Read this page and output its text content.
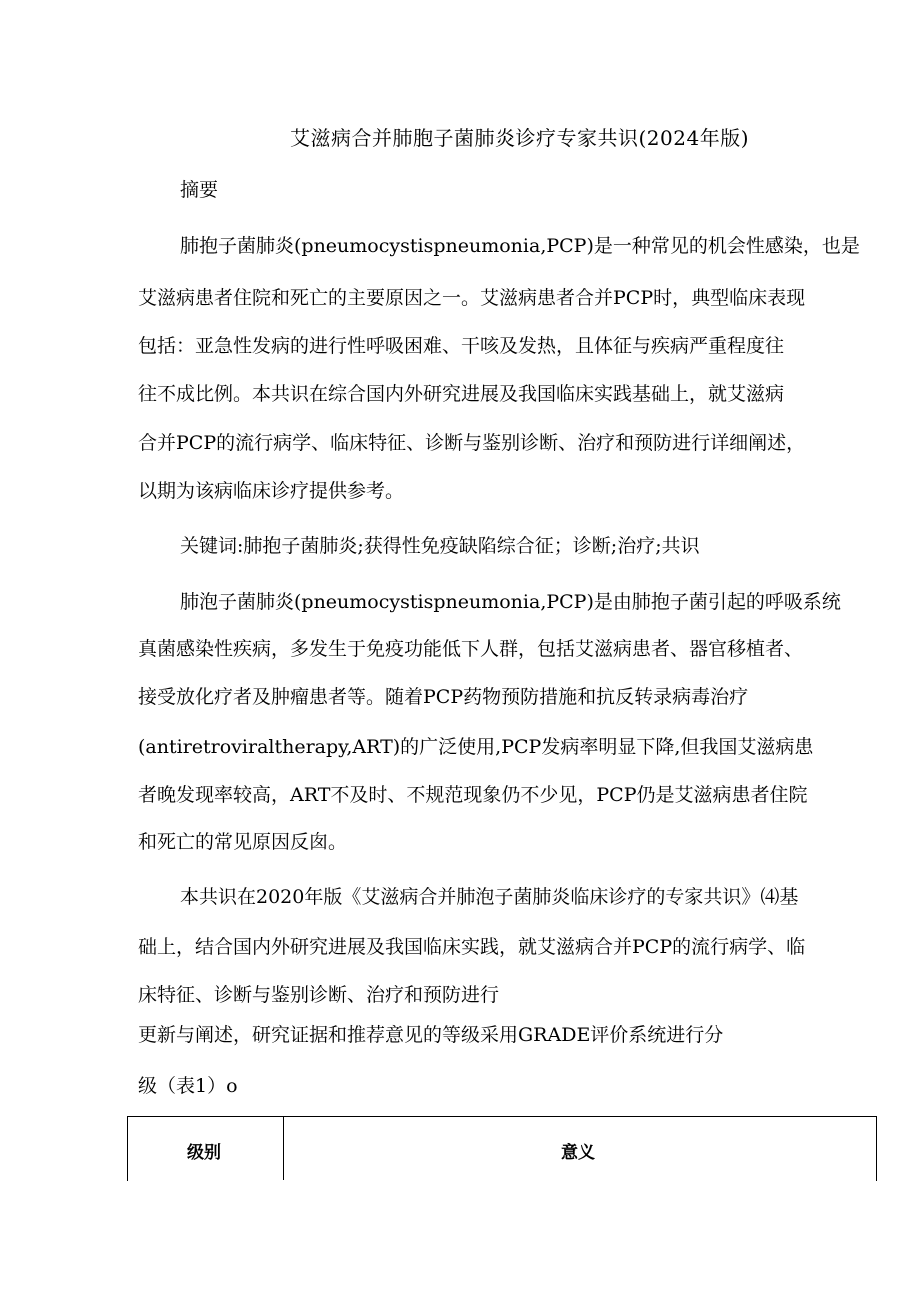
艾滋病合并肺胞子菌肺炎诊疗专家共识(2024年版)
摘要
肺抱子菌肺炎(pneumocystispneumonia,PCP)是一种常见的机会性感染，也是
艾滋病患者住院和死亡的主要原因之一。艾滋病患者合并PCP时，典型临床表现
包括：亚急性发病的进行性呼吸困难、干咳及发热，且体征与疾病严重程度往
往不成比例。本共识在综合国内外研究进展及我国临床实践基础上，就艾滋病
合并PCP的流行病学、临床特征、诊断与鉴别诊断、治疗和预防进行详细阐述，
以期为该病临床诊疗提供参考。
关键词:肺抱子菌肺炎;获得性免疫缺陷综合征；诊断;治疗;共识
肺泡子菌肺炎(pneumocystispneumonia,PCP)是由肺抱子菌引起的呼吸系统
真菌感染性疾病，多发生于免疫功能低下人群，包括艾滋病患者、器官移植者、
接受放化疗者及肿瘤患者等。随着PCP药物预防措施和抗反转录病毒治疗
(antiretroviraltherapy,ART)的广泛使用,PCP发病率明显下降,但我国艾滋病患
者晚发现率较高，ART不及时、不规范现象仍不少见，PCP仍是艾滋病患者住院
和死亡的常见原因反囱。
本共识在2020年版《艾滋病合并肺泡子菌肺炎临床诊疗的专家共识》⑷基
础上，结合国内外研究进展及我国临床实践，就艾滋病合并PCP的流行病学、临
床特征、诊断与鉴别诊断、治疗和预防进行
更新与阐述，研究证据和推荐意见的等级采用GRADE评价系统进行分
级（表1）o
级别	意义
